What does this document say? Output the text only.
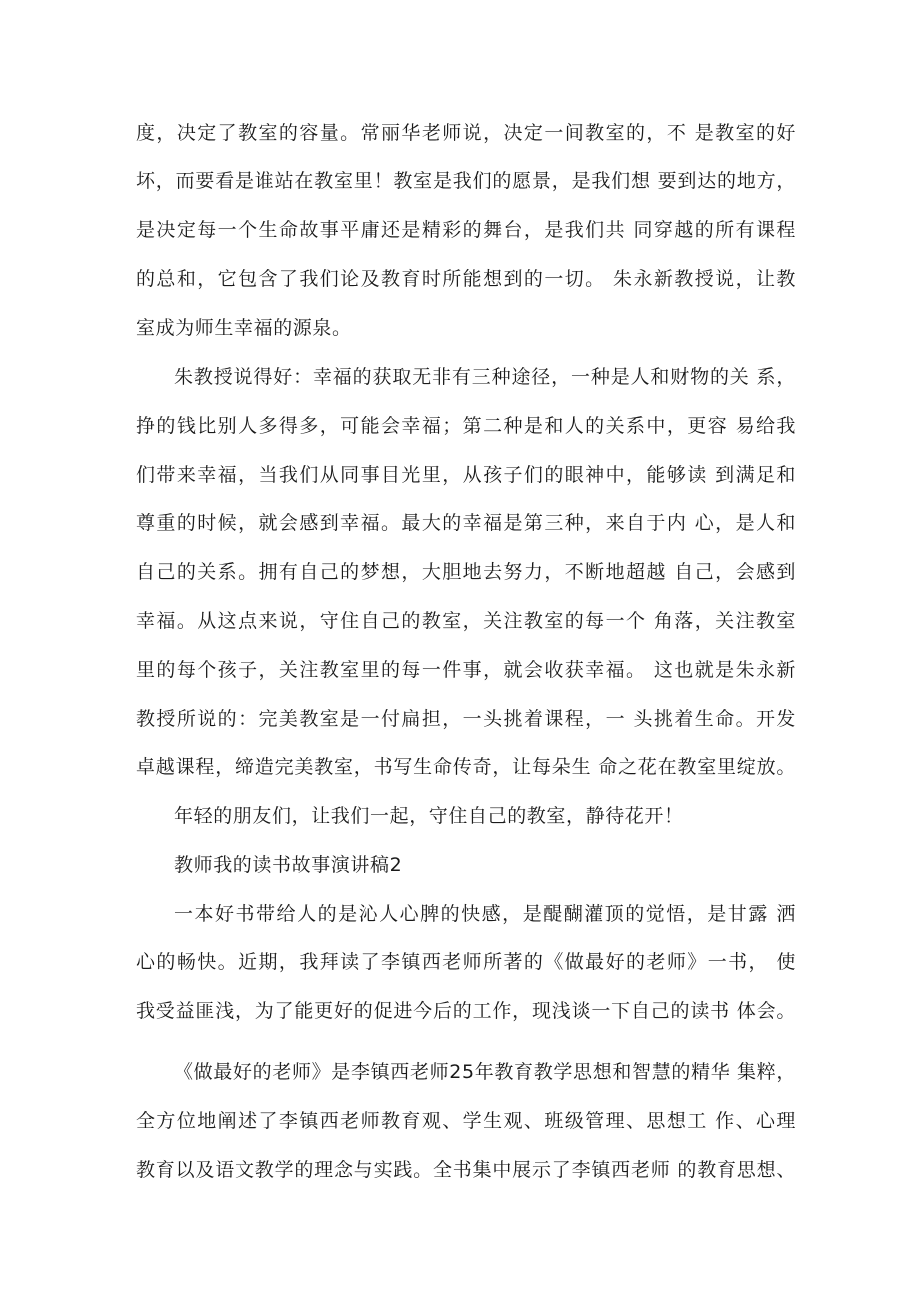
度，决定了教室的容量。常丽华老师说，决定一间教室的，不 是教室的好
坏，而要看是谁站在教室里！教室是我们的愿景，是我们想 要到达的地方，
是决定每一个生命故事平庸还是精彩的舞台，是我们共 同穿越的所有课程
的总和，它包含了我们论及教育时所能想到的一切。 朱永新教授说，让教
室成为师生幸福的源泉。
朱教授说得好：幸福的获取无非有三种途径，一种是人和财物的关 系，
挣的钱比别人多得多，可能会幸福；第二种是和人的关系中，更容 易给我
们带来幸福，当我们从同事目光里，从孩子们的眼神中，能够读 到满足和
尊重的时候，就会感到幸福。最大的幸福是第三种，来自于内 心，是人和
自己的关系。拥有自己的梦想，大胆地去努力，不断地超越 自己，会感到
幸福。从这点来说，守住自己的教室，关注教室的每一个 角落，关注教室
里的每个孩子，关注教室里的每一件事，就会收获幸福。 这也就是朱永新
教授所说的：完美教室是一付扁担，一头挑着课程，一 头挑着生命。开发
卓越课程，缔造完美教室，书写生命传奇，让每朵生 命之花在教室里绽放。
年轻的朋友们，让我们一起，守住自己的教室，静待花开！
教师我的读书故事演讲稿2
一本好书带给人的是沁人心脾的快感，是醍醐灌顶的觉悟，是甘露 洒
心的畅快。近期，我拜读了李镇西老师所著的《做最好的老师》一书， 使
我受益匪浅，为了能更好的促进今后的工作，现浅谈一下自己的读书 体会。
《做最好的老师》是李镇西老师25年教育教学思想和智慧的精华 集粹，
全方位地阐述了李镇西老师教育观、学生观、班级管理、思想工 作、心理
教育以及语文教学的理念与实践。全书集中展示了李镇西老师 的教育思想、
